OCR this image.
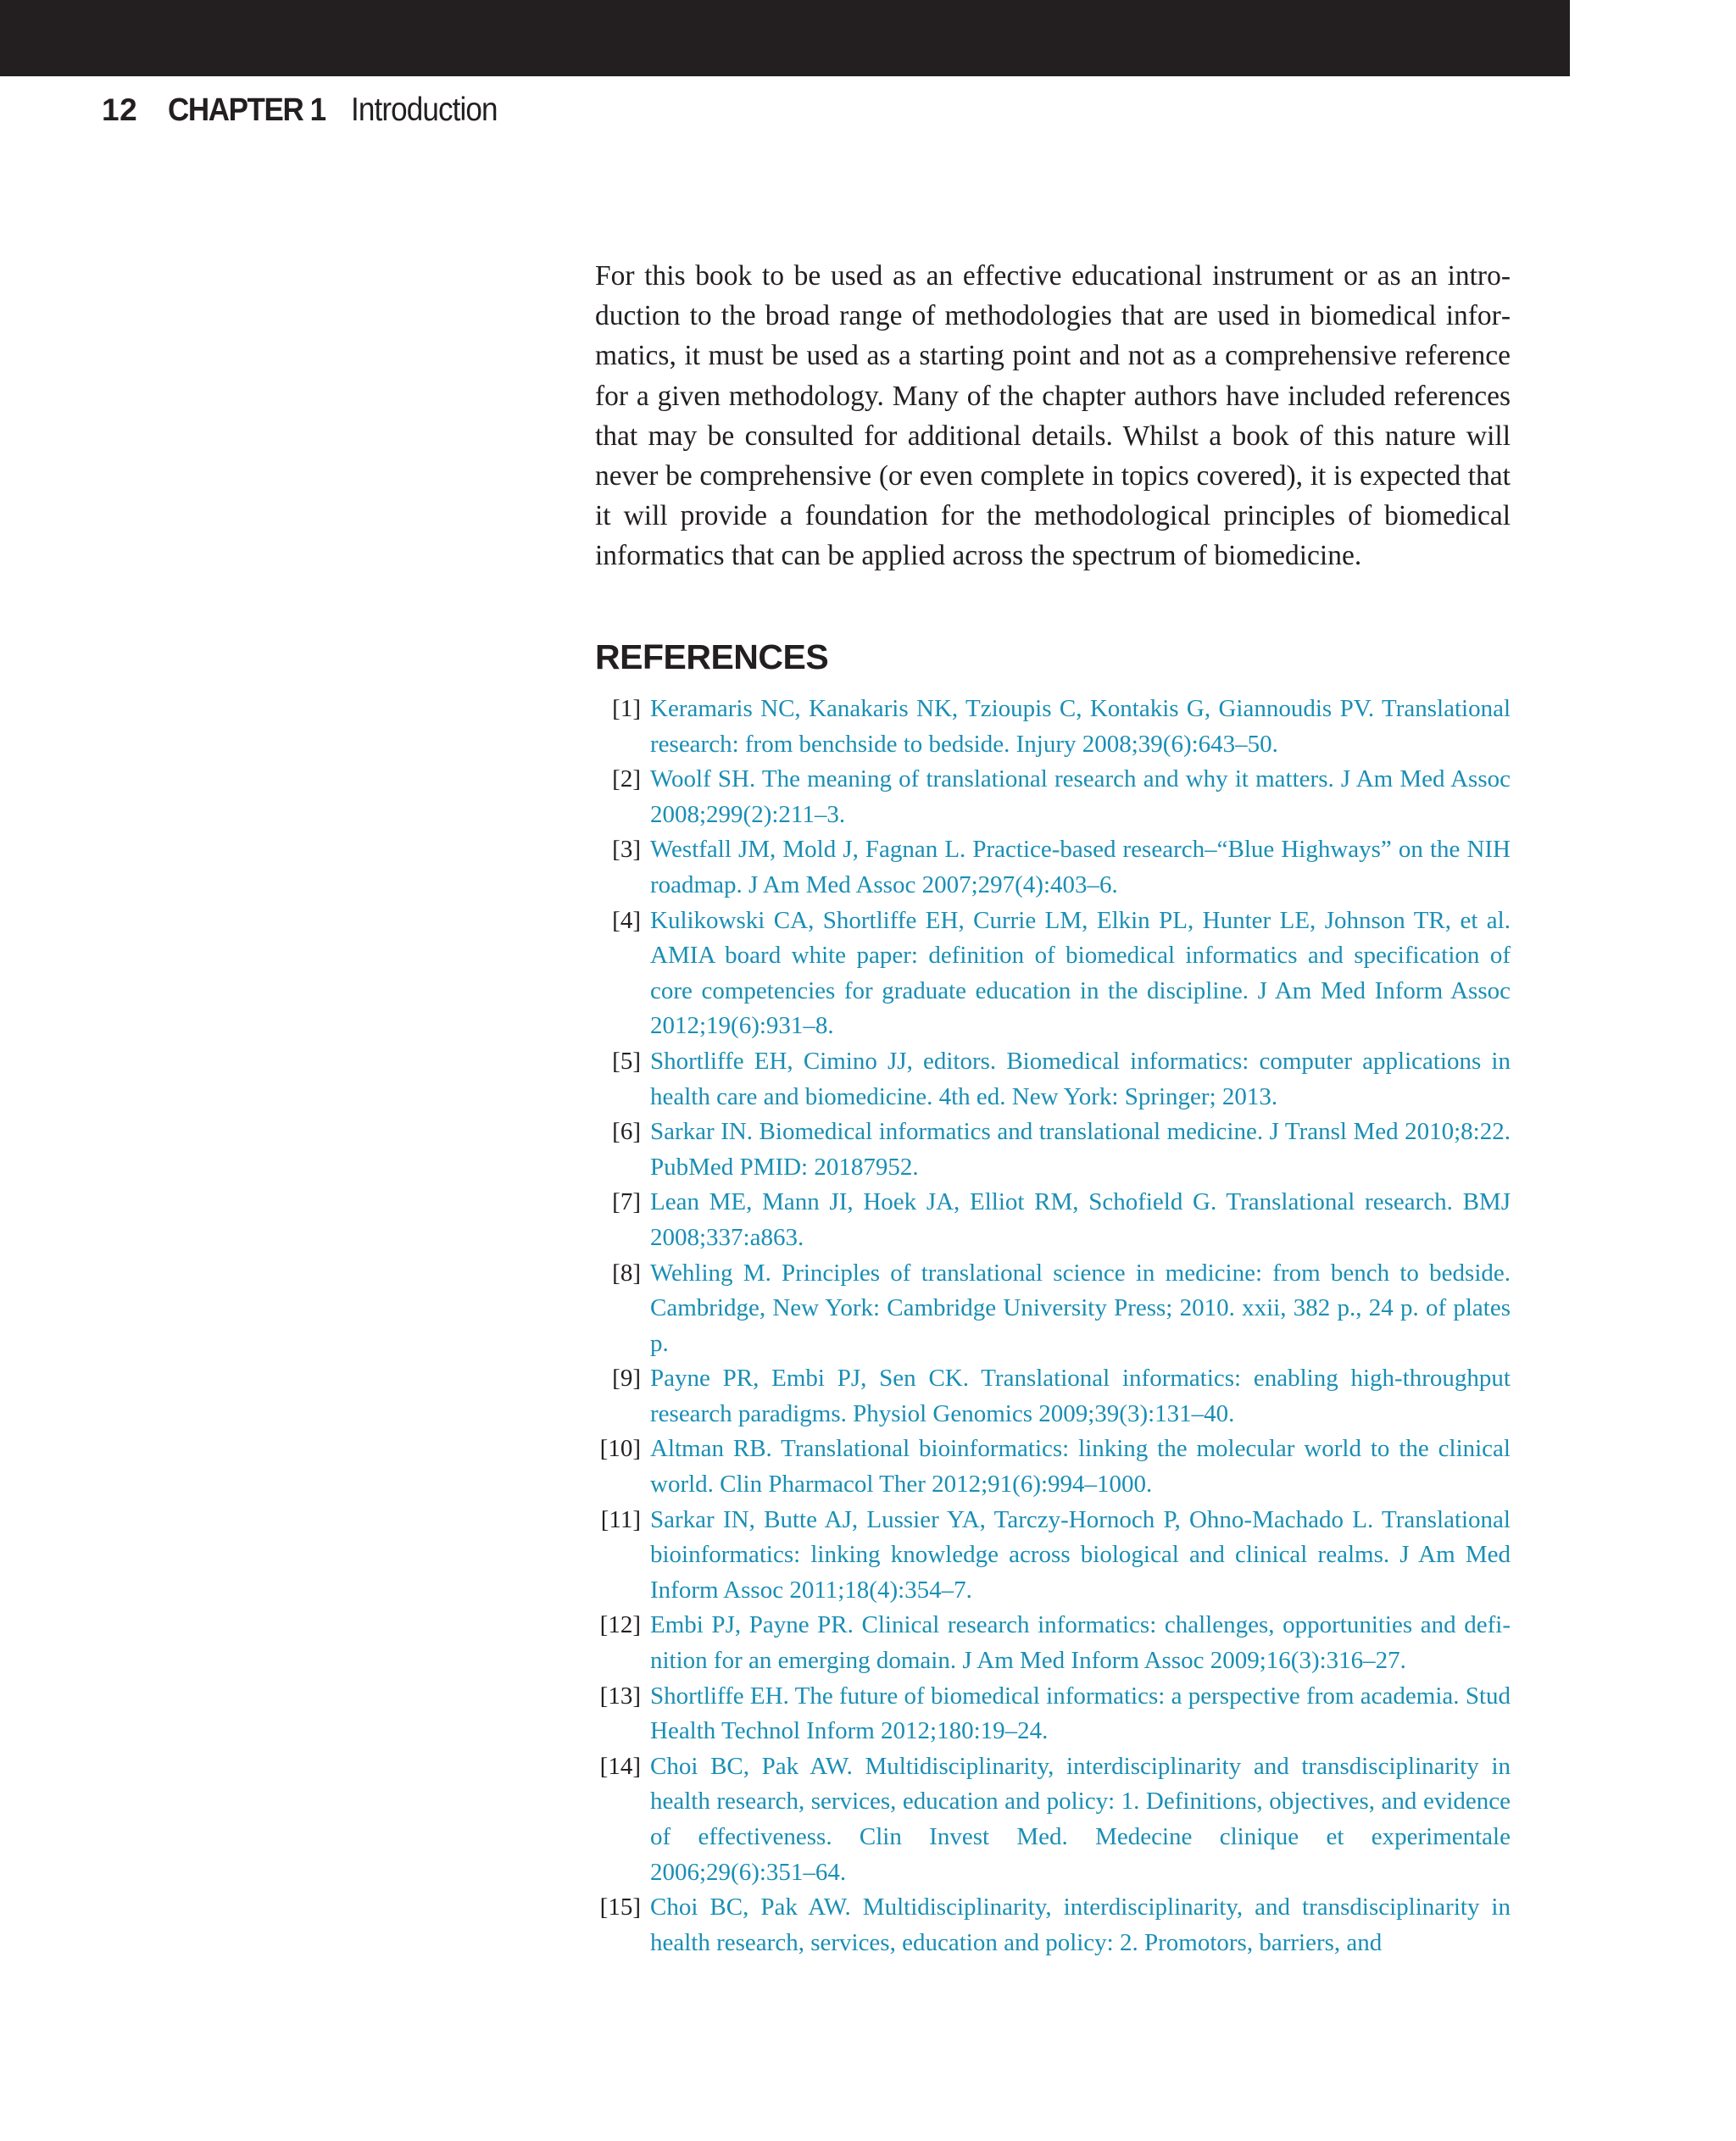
12 CHAPTER 1 Introduction

For this book to be used as an effective educational instrument or as an introduction to the broad range of methodologies that are used in biomedical informatics, it must be used as a starting point and not as a comprehensive reference for a given methodology. Many of the chapter authors have included references that may be consulted for additional details. Whilst a book of this nature will never be comprehensive (or even complete in topics covered), it is expected that it will provide a foundation for the methodological principles of biomedical informatics that can be applied across the spectrum of biomedicine.

REFERENCES
[1] Keramaris NC, Kanakaris NK, Tzioupis C, Kontakis G, Giannoudis PV. Translational research: from benchside to bedside. Injury 2008;39(6):643–50.
[2] Woolf SH. The meaning of translational research and why it matters. J Am Med Assoc 2008;299(2):211–3.
[3] Westfall JM, Mold J, Fagnan L. Practice-based research–“Blue Highways” on the NIH roadmap. J Am Med Assoc 2007;297(4):403–6.
[4] Kulikowski CA, Shortliffe EH, Currie LM, Elkin PL, Hunter LE, Johnson TR, et al. AMIA board white paper: definition of biomedical informatics and specification of core competencies for graduate education in the discipline. J Am Med Inform Assoc 2012;19(6):931–8.
[5] Shortliffe EH, Cimino JJ, editors. Biomedical informatics: computer applications in health care and biomedicine. 4th ed. New York: Springer; 2013.
[6] Sarkar IN. Biomedical informatics and translational medicine. J Transl Med 2010;8:22. PubMed PMID: 20187952.
[7] Lean ME, Mann JI, Hoek JA, Elliot RM, Schofield G. Translational research. BMJ 2008;337:a863.
[8] Wehling M. Principles of translational science in medicine: from bench to bedside. Cambridge, New York: Cambridge University Press; 2010. xxii, 382 p., 24 p. of plates p.
[9] Payne PR, Embi PJ, Sen CK. Translational informatics: enabling high-throughput research paradigms. Physiol Genomics 2009;39(3):131–40.
[10] Altman RB. Translational bioinformatics: linking the molecular world to the clinical world. Clin Pharmacol Ther 2012;91(6):994–1000.
[11] Sarkar IN, Butte AJ, Lussier YA, Tarczy-Hornoch P, Ohno-Machado L. Translational bioinformatics: linking knowledge across biological and clinical realms. J Am Med Inform Assoc 2011;18(4):354–7.
[12] Embi PJ, Payne PR. Clinical research informatics: challenges, opportunities and definition for an emerging domain. J Am Med Inform Assoc 2009;16(3):316–27.
[13] Shortliffe EH. The future of biomedical informatics: a perspective from academia. Stud Health Technol Inform 2012;180:19–24.
[14] Choi BC, Pak AW. Multidisciplinarity, interdisciplinarity and transdisciplinarity in health research, services, education and policy: 1. Definitions, objectives, and evidence of effectiveness. Clin Invest Med. Medecine clinique et experimentale 2006;29(6):351–64.
[15] Choi BC, Pak AW. Multidisciplinarity, interdisciplinarity, and transdisciplinarity in health research, services, education and policy: 2. Promotors, barriers, and
